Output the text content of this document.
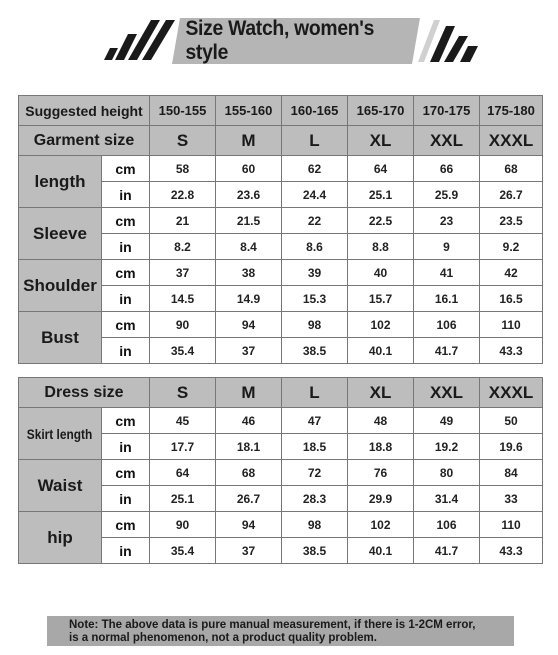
Size Watch, women's style
Suggested height		150-155	155-160	160-165	165-170	170-175	175-180
Garment size		S	M	L	XL	XXL	XXXL
length	cm	58	60	62	64	66	68
	in	22.8	23.6	24.4	25.1	25.9	26.7
Sleeve	cm	21	21.5	22	22.5	23	23.5
	in	8.2	8.4	8.6	8.8	9	9.2
Shoulder	cm	37	38	39	40	41	42
	in	14.5	14.9	15.3	15.7	16.1	16.5
Bust	cm	90	94	98	102	106	110
	in	35.4	37	38.5	40.1	41.7	43.3
Dress size		S	M	L	XL	XXL	XXXL
Skirt length	cm	45	46	47	48	49	50
	in	17.7	18.1	18.5	18.8	19.2	19.6
Waist	cm	64	68	72	76	80	84
	in	25.1	26.7	28.3	29.9	31.4	33
hip	cm	90	94	98	102	106	110
	in	35.4	37	38.5	40.1	41.7	43.3
Note: The above data is pure manual measurement, if there is 1-2CM error,
is a normal phenomenon, not a product quality problem.
